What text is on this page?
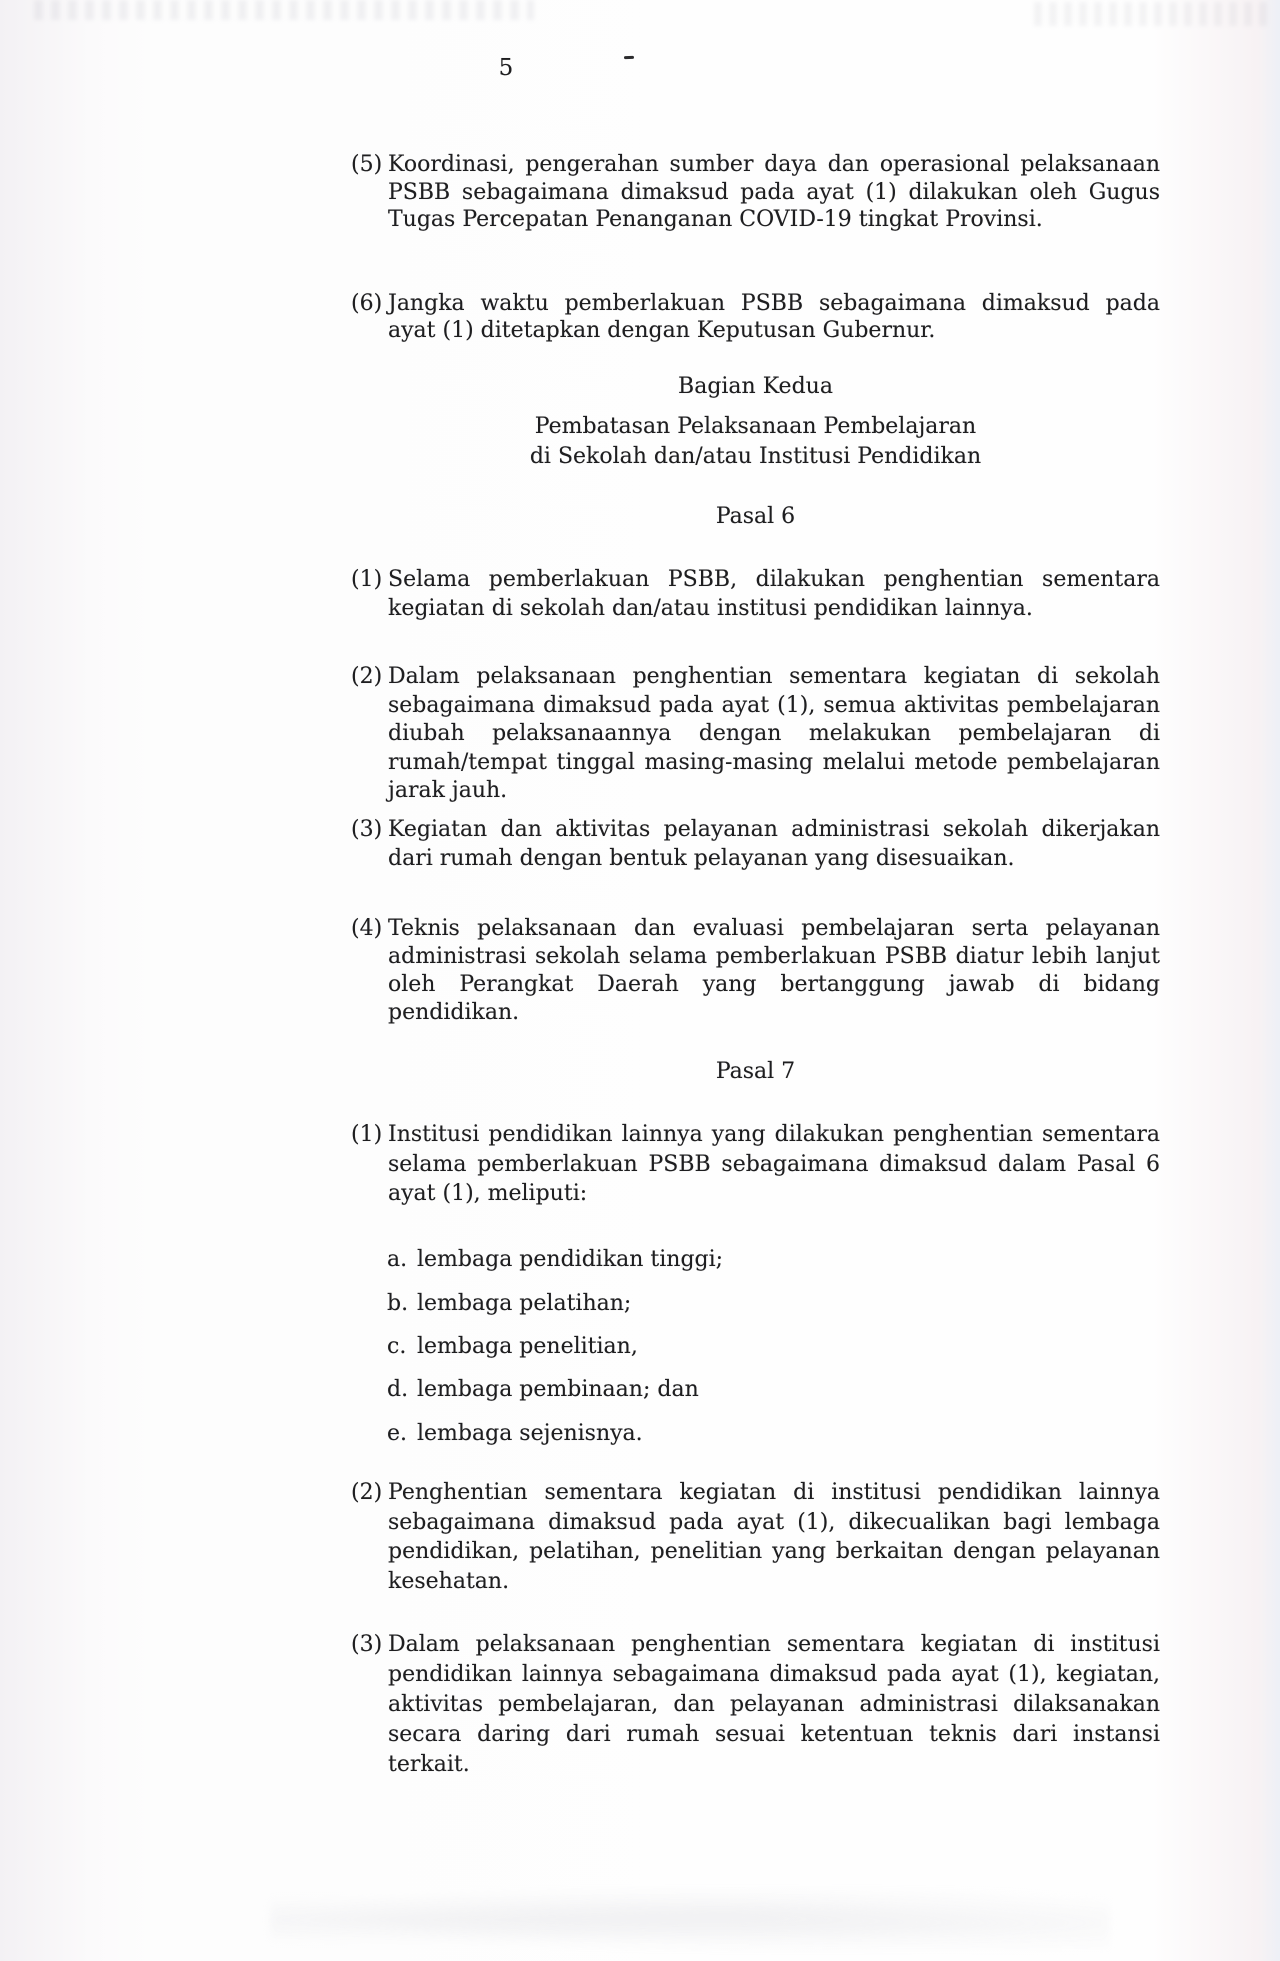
5
(5) Koordinasi, pengerahan sumber daya dan operasional pelaksanaan PSBB sebagaimana dimaksud pada ayat (1) dilakukan oleh Gugus Tugas Percepatan Penanganan COVID-19 tingkat Provinsi.
(6) Jangka waktu pemberlakuan PSBB sebagaimana dimaksud pada ayat (1) ditetapkan dengan Keputusan Gubernur.
Bagian Kedua
Pembatasan Pelaksanaan Pembelajaran
di Sekolah dan/atau Institusi Pendidikan
Pasal 6
(1) Selama pemberlakuan PSBB, dilakukan penghentian sementara kegiatan di sekolah dan/atau institusi pendidikan lainnya.
(2) Dalam pelaksanaan penghentian sementara kegiatan di sekolah sebagaimana dimaksud pada ayat (1), semua aktivitas pembelajaran diubah pelaksanaannya dengan melakukan pembelajaran di rumah/tempat tinggal masing-masing melalui metode pembelajaran jarak jauh.
(3) Kegiatan dan aktivitas pelayanan administrasi sekolah dikerjakan dari rumah dengan bentuk pelayanan yang disesuaikan.
(4) Teknis pelaksanaan dan evaluasi pembelajaran serta pelayanan administrasi sekolah selama pemberlakuan PSBB diatur lebih lanjut oleh Perangkat Daerah yang bertanggung jawab di bidang pendidikan.
Pasal 7
(1) Institusi pendidikan lainnya yang dilakukan penghentian sementara selama pemberlakuan PSBB sebagaimana dimaksud dalam Pasal 6 ayat (1), meliputi:
a. lembaga pendidikan tinggi;
b. lembaga pelatihan;
c. lembaga penelitian,
d. lembaga pembinaan; dan
e. lembaga sejenisnya.
(2) Penghentian sementara kegiatan di institusi pendidikan lainnya sebagaimana dimaksud pada ayat (1), dikecualikan bagi lembaga pendidikan, pelatihan, penelitian yang berkaitan dengan pelayanan kesehatan.
(3) Dalam pelaksanaan penghentian sementara kegiatan di institusi pendidikan lainnya sebagaimana dimaksud pada ayat (1), kegiatan, aktivitas pembelajaran, dan pelayanan administrasi dilaksanakan secara daring dari rumah sesuai ketentuan teknis dari instansi terkait.
